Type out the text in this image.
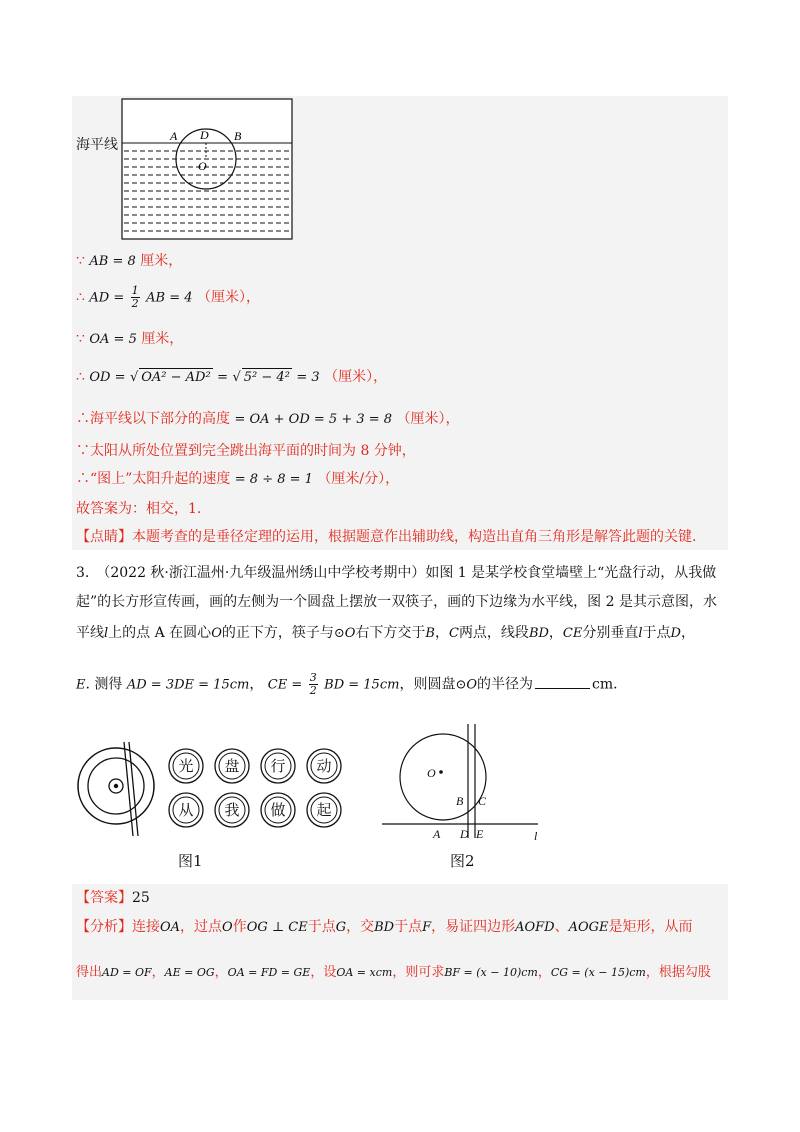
海平线
A D B
O
∵ AB = 8 厘米，
∴ AD = $\frac{1}{2}$ AB = 4 （厘米），
∵ OA = 5 厘米，
∴ OD = √ OA² − AD² = √ 5² − 4² = 3 （厘米），
∴海平线以下部分的高度 = OA + OD = 5 + 3 = 8 （厘米），
∵太阳从所处位置到完全跳出海平面的时间为 8 分钟，
∴“图上”太阳升起的速度 = 8 ÷ 8 = 1 （厘米/分），
故答案为：相交，1.
【点睛】本题考查的是垂径定理的运用，根据题意作出辅助线，构造出直角三角形是解答此题的关键.
3.　（2022 秋·浙江温州·九年级温州绣山中学校考期中）如图 1 是某学校食堂墙壁上“光盘行动，从我做
起”的长方形宣传画，画的左侧为一个圆盘上摆放一双筷子，画的下边缘为水平线，图 2 是其示意图，水
平线l上的点 A 在圆心O的正下方，筷子与⊙O右下方交于B，C两点，线段BD，CE分别垂直l于点D，
E. 测得 AD = 3DE = 15cm， CE = $\frac{3}{2}$ BD = 15cm，则圆盘⊙O的半径为	cm．
光 盘 行 动
从 我 做 起
图1
O
B C
A D E	l
图2
【答案】25
【分析】连接OA，过点O作OG ⊥ CE于点G，交BD于点F，易证四边形AOFD、AOGE是矩形，从而
得出AD = OF，AE = OG，OA = FD = GE，设OA = xcm，则可求BF = (x − 10)cm，CG = (x − 15)cm，根据勾股
